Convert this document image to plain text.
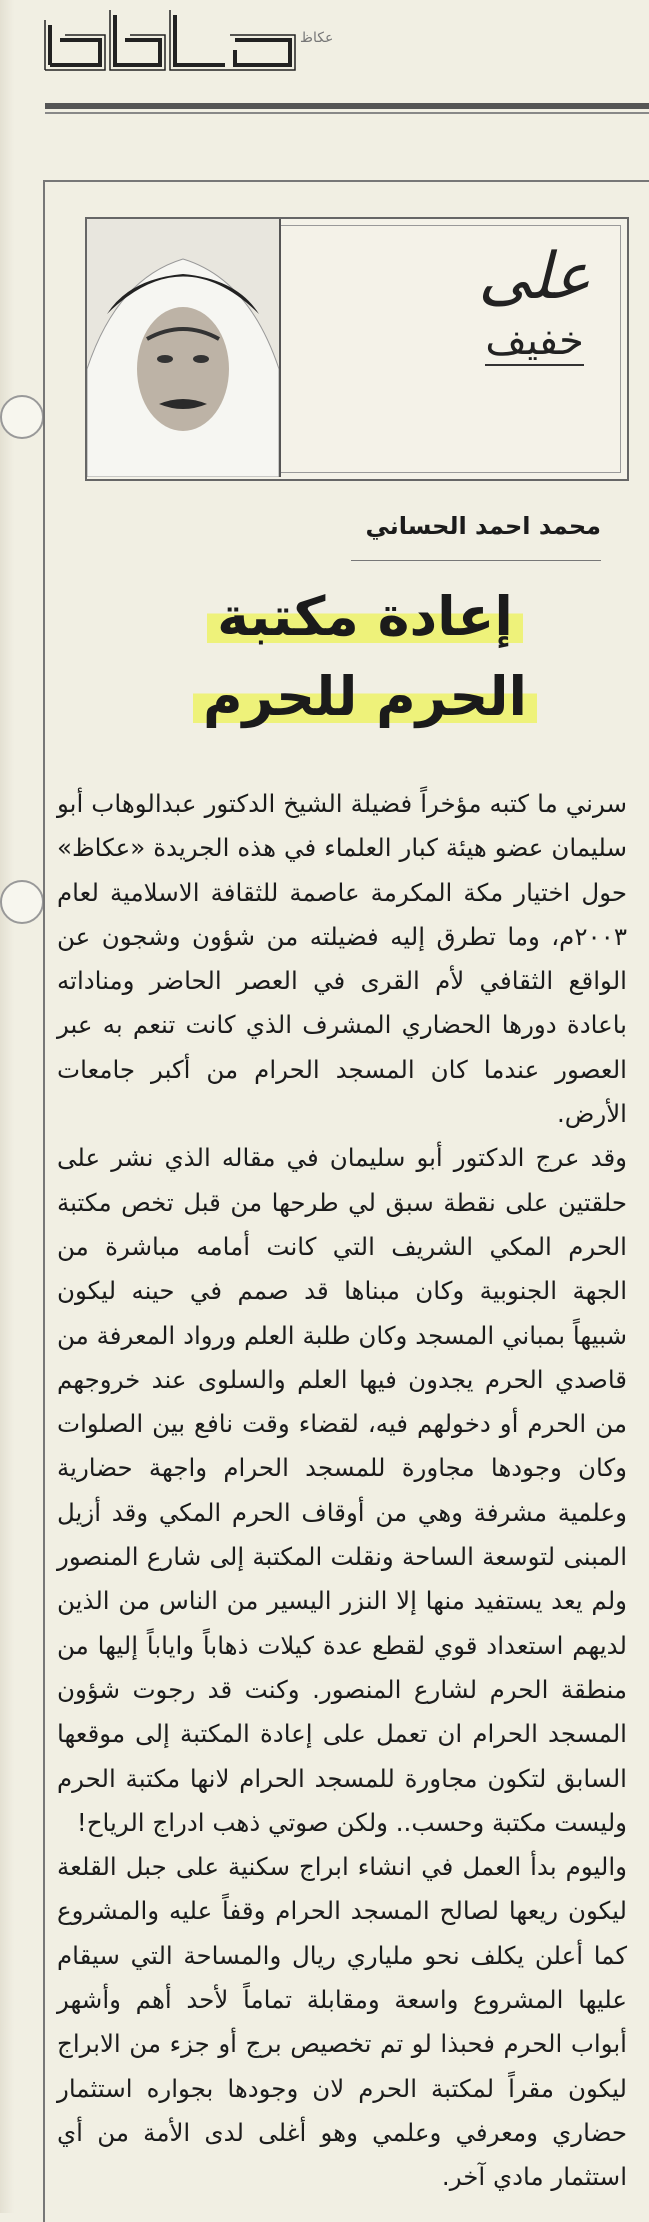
عكاظ
على
خفيف
محمد احمد الحساني
إعادة مكتبة
الحرم للحرم

سرني ما كتبه مؤخراً فضيلة الشيخ الدكتور عبدالوهاب أبو سليمان عضو هيئة كبار العلماء في هذه الجريدة «عكاظ» حول اختيار مكة المكرمة عاصمة للثقافة الاسلامية لعام ٢٠٠٣م، وما تطرق إليه فضيلته من شؤون وشجون عن الواقع الثقافي لأم القرى في العصر الحاضر ومناداته باعادة دورها الحضاري المشرف الذي كانت تنعم به عبر العصور عندما كان المسجد الحرام من أكبر جامعات الأرض.

وقد عرج الدكتور أبو سليمان في مقاله الذي نشر على حلقتين على نقطة سبق لي طرحها من قبل تخص مكتبة الحرم المكي الشريف التي كانت أمامه مباشرة من الجهة الجنوبية وكان مبناها قد صمم في حينه ليكون شبيهاً بمباني المسجد وكان طلبة العلم ورواد المعرفة من قاصدي الحرم يجدون فيها العلم والسلوى عند خروجهم من الحرم أو دخولهم فيه، لقضاء وقت نافع بين الصلوات وكان وجودها مجاورة للمسجد الحرام واجهة حضارية وعلمية مشرفة وهي من أوقاف الحرم المكي وقد أزيل المبنى لتوسعة الساحة ونقلت المكتبة إلى شارع المنصور ولم يعد يستفيد منها إلا النزر اليسير من الناس من الذين لديهم استعداد قوي لقطع عدة كيلات ذهاباً واياباً إليها من منطقة الحرم لشارع المنصور. وكنت قد رجوت شؤون المسجد الحرام ان تعمل على إعادة المكتبة إلى موقعها السابق لتكون مجاورة للمسجد الحرام لانها مكتبة الحرم وليست مكتبة وحسب.. ولكن صوتي ذهب ادراج الرياح!

واليوم بدأ العمل في انشاء ابراج سكنية على جبل القلعة ليكون ريعها لصالح المسجد الحرام وقفاً عليه والمشروع كما أعلن يكلف نحو ملياري ريال والمساحة التي سيقام عليها المشروع واسعة ومقابلة تماماً لأحد أهم وأشهر أبواب الحرم فحبذا لو تم تخصيص برج أو جزء من الابراج ليكون مقراً لمكتبة الحرم لان وجودها بجواره استثمار حضاري ومعرفي وعلمي وهو أغلى لدى الأمة من أي استثمار مادي آخر.
